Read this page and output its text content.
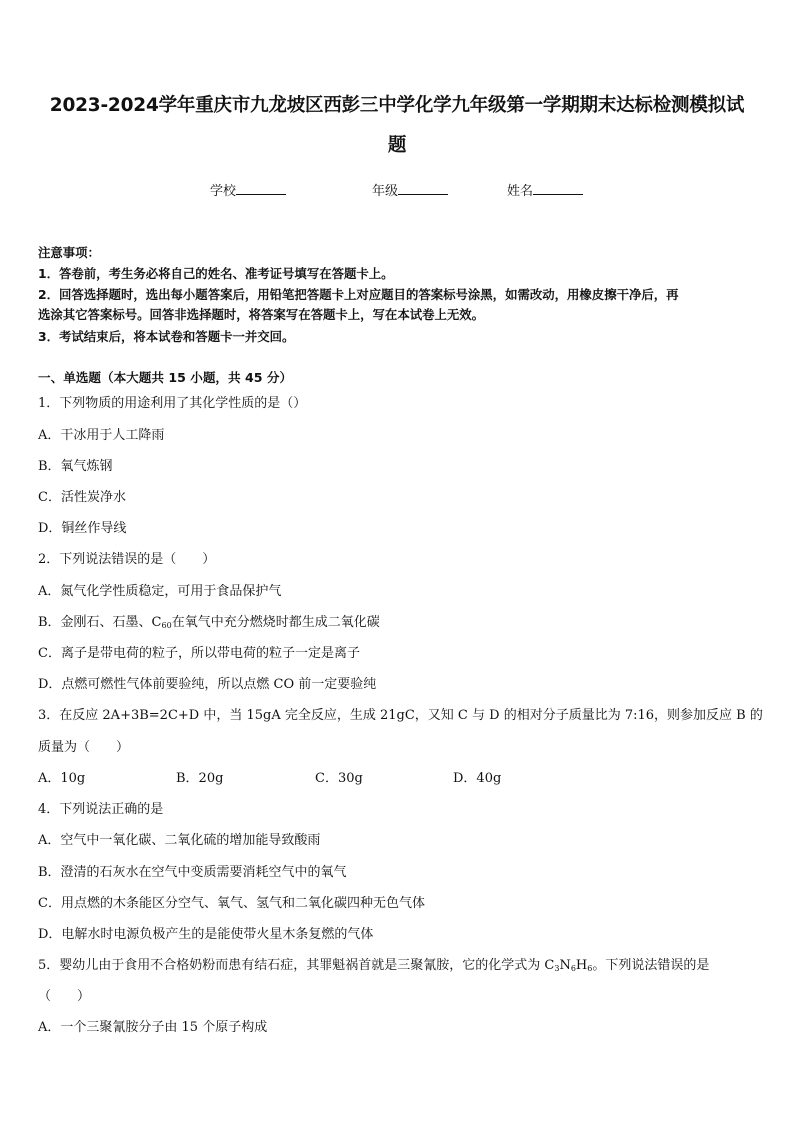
2023-2024学年重庆市九龙坡区西彭三中学化学九年级第一学期期末达标检测模拟试
题
学校	年级	姓名
注意事项：
1．答卷前，考生务必将自己的姓名、准考证号填写在答题卡上。
2．回答选择题时，选出每小题答案后，用铅笔把答题卡上对应题目的答案标号涂黑，如需改动，用橡皮擦干净后，再
选涂其它答案标号。回答非选择题时，将答案写在答题卡上，写在本试卷上无效。
3．考试结束后，将本试卷和答题卡一并交回。
一、单选题（本大题共 15 小题，共 45 分）
1．下列物质的用途利用了其化学性质的是（）
A．干冰用于人工降雨
B．氧气炼钢
C．活性炭净水
D．铜丝作导线
2．下列说法错误的是（　　）
A．氮气化学性质稳定，可用于食品保护气
B．金刚石、石墨、$C_{60}$在氧气中充分燃烧时都生成二氧化碳
C．离子是带电荷的粒子，所以带电荷的粒子一定是离子
D．点燃可燃性气体前要验纯，所以点燃 CO 前一定要验纯
3．在反应 2A+3B=2C+D 中，当 15gA 完全反应，生成 21gC，又知 C 与 D 的相对分子质量比为 7:16，则参加反应 B 的
质量为（　　）
A．10g	B．20g	C．30g	D．40g
4．下列说法正确的是
A．空气中一氧化碳、二氧化硫的增加能导致酸雨
B．澄清的石灰水在空气中变质需要消耗空气中的氧气
C．用点燃的木条能区分空气、氧气、氢气和二氧化碳四种无色气体
D．电解水时电源负极产生的是能使带火星木条复燃的气体
5．婴幼儿由于食用不合格奶粉而患有结石症，其罪魁祸首就是三聚氰胺，它的化学式为 $C_3N_6H_6$。下列说法错误的是
（　　）
A．一个三聚氰胺分子由 15 个原子构成
